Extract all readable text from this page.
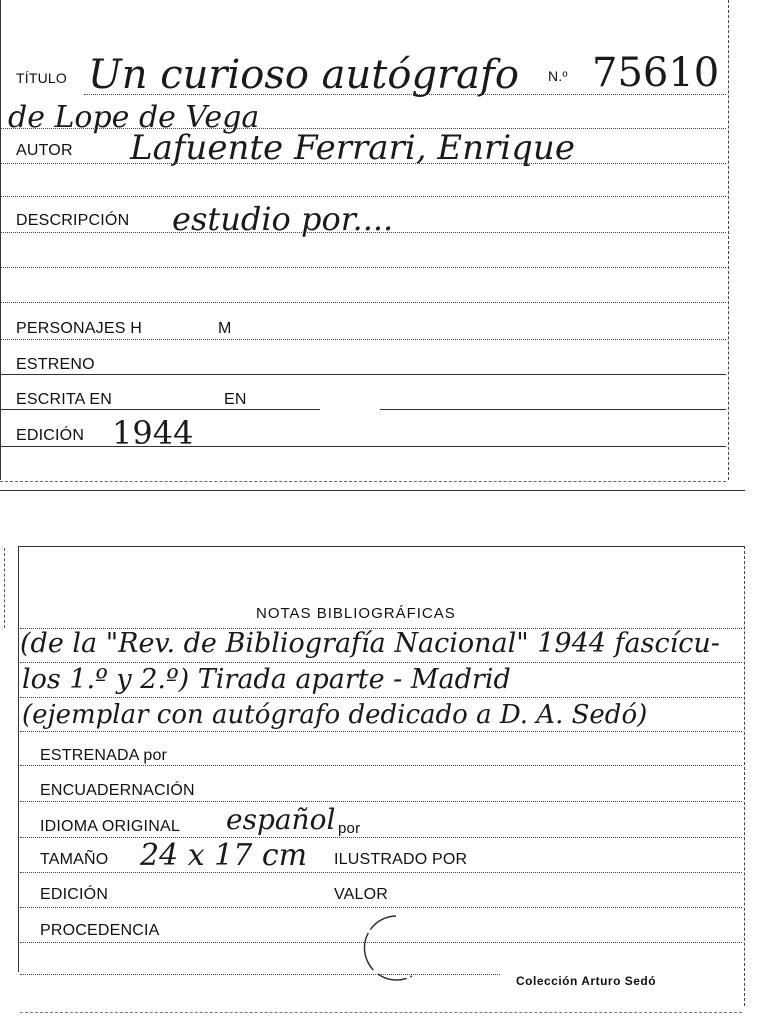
TÍTULO Un curioso autógrafo N.º 75610
de Lope de Vega
AUTOR Lafuente Ferrari, Enrique
DESCRIPCIÓN estudio por....
PERSONAJES H	M
ESTRENO
ESCRITA EN	EN
EDICIÓN 1944
NOTAS BIBLIOGRÁFICAS
(de la "Rev. de Bibliografía Nacional" 1944 fascícu-
los 1.º y 2.º) Tirada aparte - Madrid
(ejemplar con autógrafo dedicado a D. A. Sedó)
ESTRENADA por
ENCUADERNACIÓN
IDIOMA ORIGINAL español por
TAMAÑO 24 x 17 cm ILUSTRADO POR
EDICIÓN	VALOR
PROCEDENCIA
Colección Arturo Sedó
